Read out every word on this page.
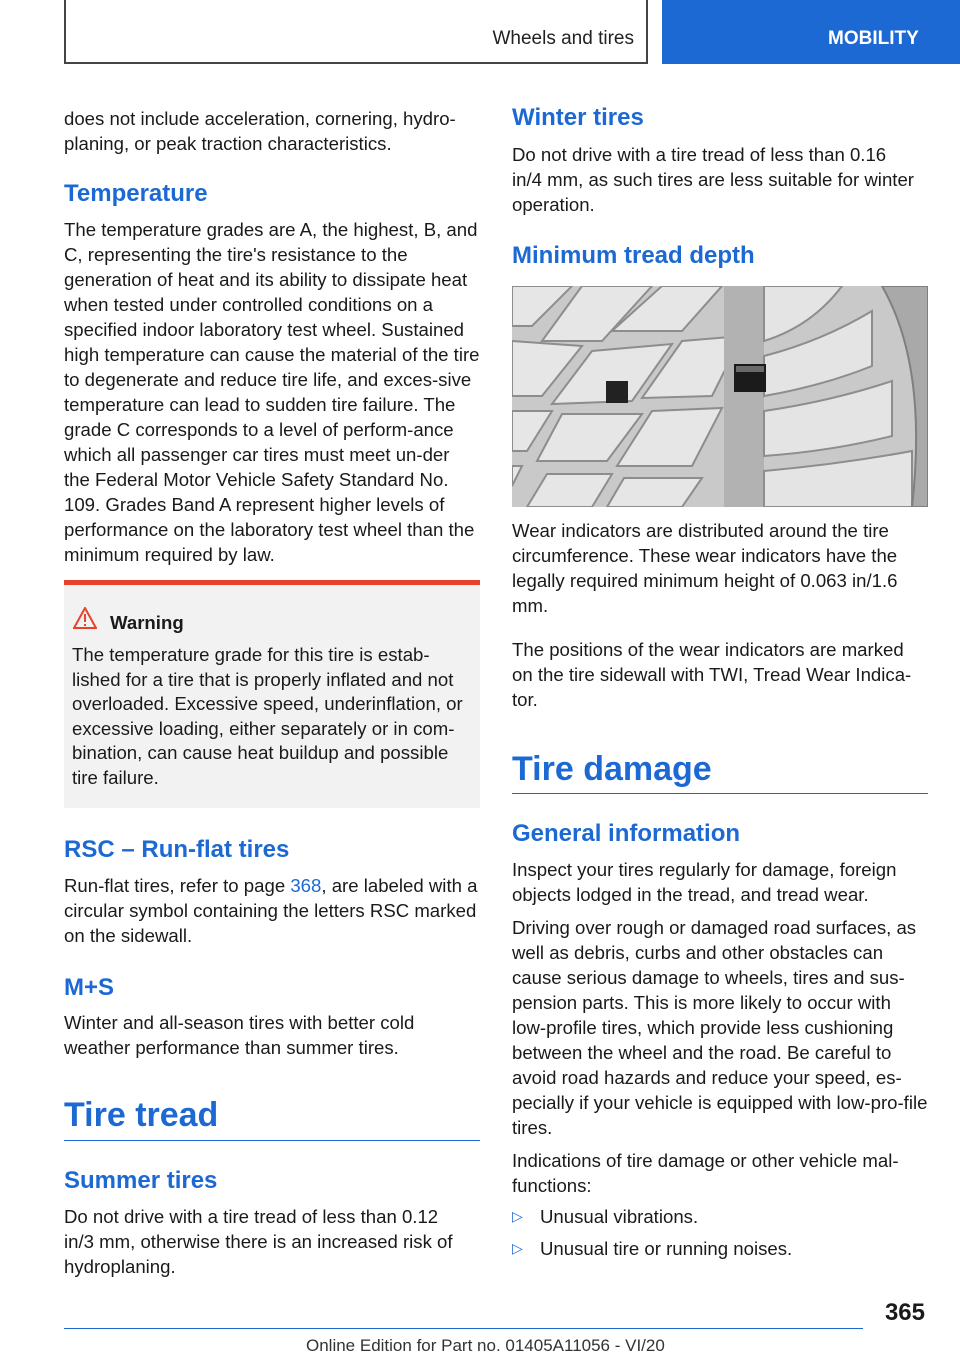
Wheels and tires	MOBILITY

does not include acceleration, cornering, hydro-planing, or peak traction characteristics.

Temperature

The temperature grades are A, the highest, B, and C, representing the tire's resistance to the generation of heat and its ability to dissipate heat when tested under controlled conditions on a specified indoor laboratory test wheel. Sustained high temperature can cause the material of the tire to degenerate and reduce tire life, and exces-sive temperature can lead to sudden tire failure. The grade C corresponds to a level of perform-ance which all passenger car tires must meet un-der the Federal Motor Vehicle Safety Standard No. 109. Grades Band A represent higher levels of performance on the laboratory test wheel than the minimum required by law.

Warning
The temperature grade for this tire is estab-lished for a tire that is properly inflated and not overloaded. Excessive speed, underinflation, or excessive loading, either separately or in com-bination, can cause heat buildup and possible tire failure.
RSC – Run-flat tires

Run-flat tires, refer to page 368, are labeled with a circular symbol containing the letters RSC marked on the sidewall.

M+S

Winter and all-season tires with better cold weather performance than summer tires.

Tire tread
Summer tires

Do not drive with a tire tread of less than 0.12 in/3 mm, otherwise there is an increased risk of hydroplaning.

Winter tires

Do not drive with a tire tread of less than 0.16 in/4 mm, as such tires are less suitable for winter operation.

Minimum tread depth

Wear indicators are distributed around the tire circumference. These wear indicators have the legally required minimum height of 0.063 in/1.6 mm.

The positions of the wear indicators are marked on the tire sidewall with TWI, Tread Wear Indica-tor.

Tire damage
General information

Inspect your tires regularly for damage, foreign objects lodged in the tread, and tread wear.

Driving over rough or damaged road surfaces, as well as debris, curbs and other obstacles can cause serious damage to wheels, tires and sus-pension parts. This is more likely to occur with low-profile tires, which provide less cushioning between the wheel and the road. Be careful to avoid road hazards and reduce your speed, es-pecially if your vehicle is equipped with low-pro-file tires.

Indications of tire damage or other vehicle mal-functions:

▷ Unusual vibrations.
▷ Unusual tire or running noises.
365
Online Edition for Part no. 01405A11056 - VI/20
